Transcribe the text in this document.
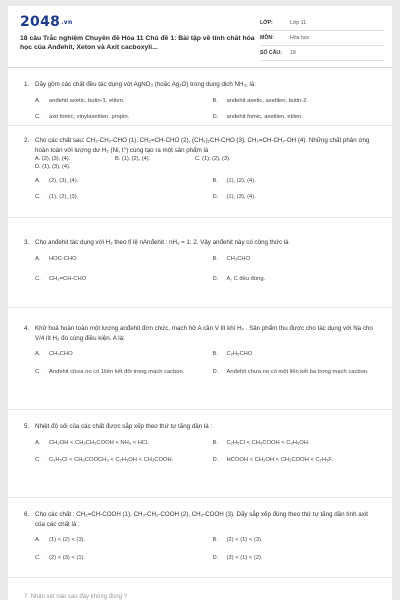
2048.vn
18 câu Trắc nghiệm Chuyên đề Hóa 11 Chủ đề 1: Bài tập về tính chất hóa học của Anđehit, Xeton và Axit cacboxyli...
LỚP:	Lớp 11
MÔN:	Hóa học
SỐ CÂU:	18
1. Dãy gồm các chất đều tác dụng với AgNO₃ (hoặc Ag₂O) trong dung dịch NH₃, là:
A.	anđehit axetic, butin-1, etilen.	B.	anđehit axetic, axetilen, butin-2.
C.	axit fomic, vinylaxetilen, propin.	D.	anđehit fomic, axetilen, etilen.
2. Cho các chất sau: CH₃-CH₂-CHO (1), CH₂=CH-CHO (2), (CH₃)₂CH-CHO (3), CH₂=CH-CH₂-OH (4). Những chất phản ứng hoàn toàn với lượng dư H₂ (Ni, t°) cùng tạo ra một sản phẩm là
A. (2), (3), (4).	B. (1), (2), (4).	C. (1), (2), (3).
D. (1), (3), (4).
A.	(2), (3), (4).	B.	(1), (2), (4).
C.	(1), (2), (3).	D.	(1), (3), (4).
3. Cho anđehit tác dụng với H₂ theo tỉ lệ nAnđehit : nH₂ = 1: 2. Vậy anđehit này có công thức là
A.	HOC-CHO	B.	CH₃CHO
C.	CH₂=CH-CHO	D.	A, C đều đúng.
4. Khử hoá hoàn toàn một lượng anđehit đơn chức, mạch hở A cần V lít khí H₂ . Sản phẩm thu được cho tác dụng với Na cho V/4 lít H₂ đo cùng điều kiện. A là:
A.	CH₃CHO	B.	C₂H₅CHO
C.	Anđehit chưa no có 1liên kết đôi trong mạch cacbon.	D.	Anđehit chưa no có một liên kết ba trong mạch cacbon.
5. Nhiệt độ sôi của các chất được sắp xếp theo thứ tự tăng dần là :
A.	CH₃OH < CH₃CH₂COOH < NH₃ < HCl.	B.	C₂H₅Cl < CH₃COOH < C₂H₅OH.
C.	C₂H₅Cl < CH₃COOCH₃ < C₂H₅OH < CH₃COOH.	D.	HCOOH < CH₃OH < CH₃COOH < C₂H₅F.
6. Cho các chất : CH₂=CH-COOH (1), CH₃-CH₂-COOH (2), CH₃-COOH (3). Dãy sắp xếp đúng theo thứ tự tăng dần tính axit của các chất là :
A.	(1) < (2) < (3).	B.	(2) < (1) < (3).
C.	(2) < (3) < (1).	D.	(3) < (1) < (2).
7. Nhận xét nào sau đây không đúng ?
